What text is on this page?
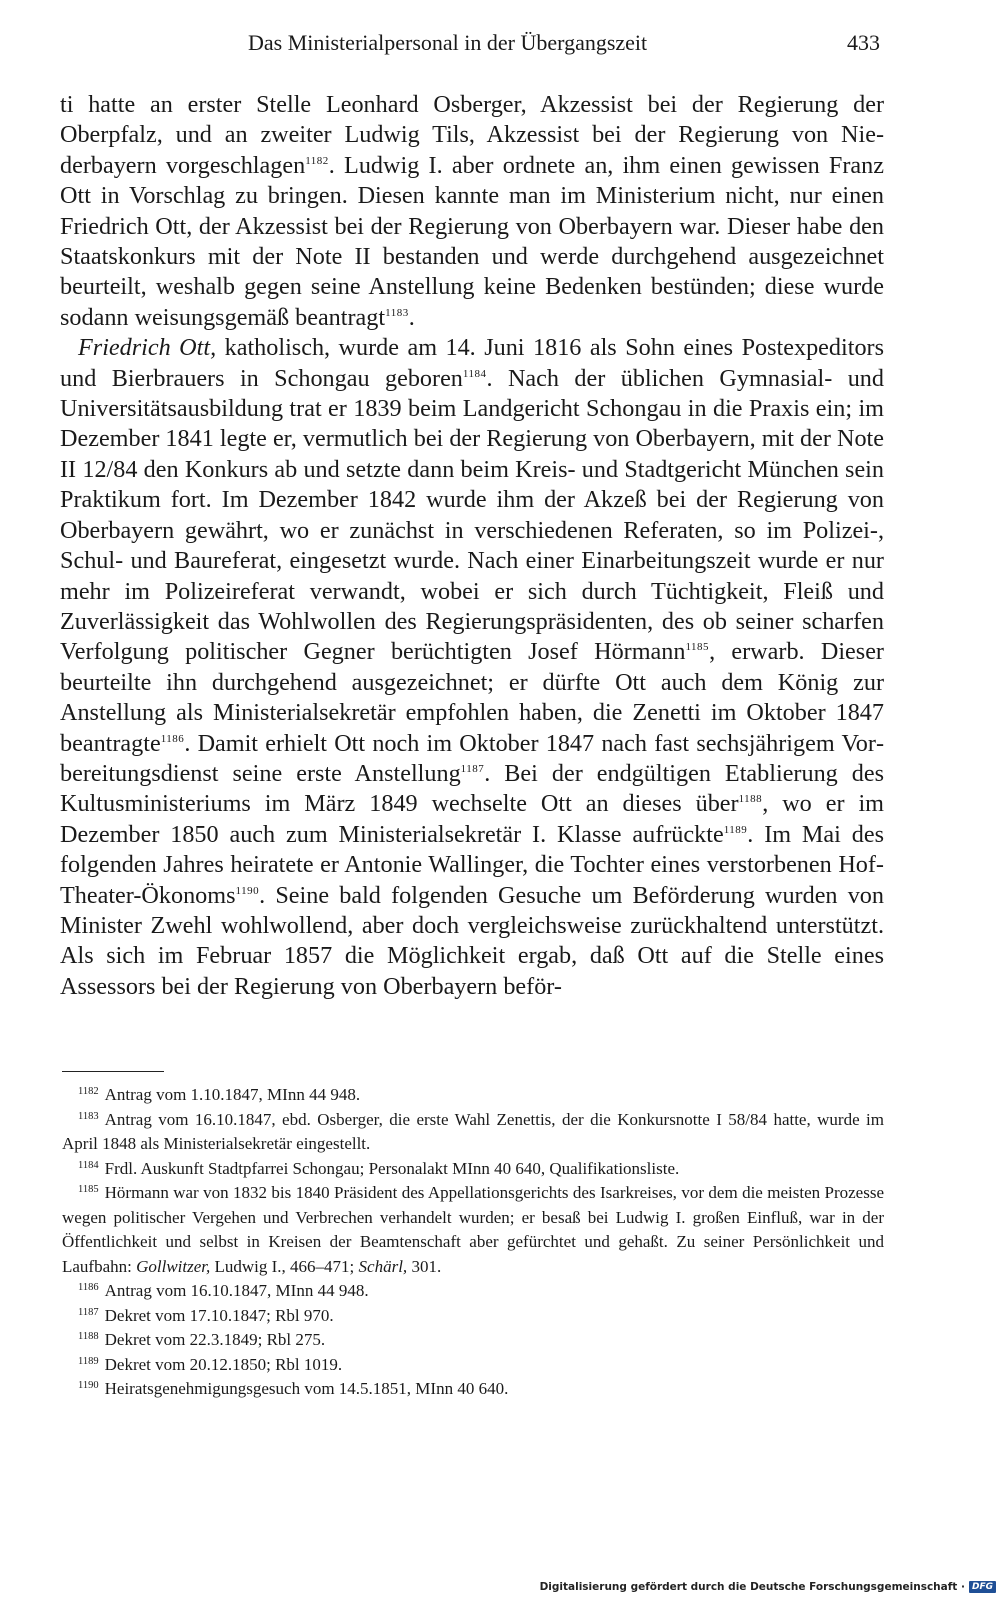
Das Ministerialpersonal in der Übergangszeit	433

ti hatte an erster Stelle Leonhard Osberger, Akzessist bei der Regierung der Oberpfalz, und an zweiter Ludwig Tils, Akzessist bei der Regierung von Niederbayern vorgeschlagen$^{1182}$. Ludwig I. aber ordnete an, ihm einen gewissen Franz Ott in Vorschlag zu bringen. Diesen kannte man im Ministerium nicht, nur einen Friedrich Ott, der Akzessist bei der Regierung von Oberbayern war. Dieser habe den Staatskonkurs mit der Note II bestanden und werde durchgehend ausgezeichnet beurteilt, weshalb gegen seine Anstellung keine Bedenken bestünden; diese wurde sodann weisungsgemäß beantragt$^{1183}$.

Friedrich Ott, katholisch, wurde am 14. Juni 1816 als Sohn eines Postexpeditors und Bierbrauers in Schongau geboren$^{1184}$. Nach der üblichen Gymnasial- und Universitätsausbildung trat er 1839 beim Landgericht Schongau in die Praxis ein; im Dezember 1841 legte er, vermutlich bei der Regierung von Oberbayern, mit der Note II 12/84 den Konkurs ab und setzte dann beim Kreis- und Stadtgericht München sein Praktikum fort. Im Dezember 1842 wurde ihm der Akzeß bei der Regierung von Oberbayern gewährt, wo er zunächst in verschiedenen Referaten, so im Polizei-, Schul- und Baureferat, eingesetzt wurde. Nach einer Einarbeitungszeit wurde er nur mehr im Polizeireferat verwandt, wobei er sich durch Tüchtigkeit, Fleiß und Zuverlässigkeit das Wohlwollen des Regierungspräsidenten, des ob seiner scharfen Verfolgung politischer Gegner berüchtigten Josef Hörmann$^{1185}$, erwarb. Dieser beurteilte ihn durchgehend ausgezeichnet; er dürfte Ott auch dem König zur Anstellung als Ministerialsekretär empfohlen haben, die Zenetti im Oktober 1847 beantragte$^{1186}$. Damit erhielt Ott noch im Oktober 1847 nach fast sechsjährigem Vorbereitungsdienst seine erste Anstellung$^{1187}$. Bei der endgültigen Etablierung des Kultusministeriums im März 1849 wechselte Ott an dieses über$^{1188}$, wo er im Dezember 1850 auch zum Ministerialsekretär I. Klasse aufrückte$^{1189}$. Im Mai des folgenden Jahres heiratete er Antonie Wallinger, die Tochter eines verstorbenen Hof-Theater-Ökonoms$^{1190}$. Seine bald folgenden Gesuche um Beförderung wurden von Minister Zwehl wohlwollend, aber doch vergleichsweise zurückhaltend unterstützt. Als sich im Februar 1857 die Möglichkeit ergab, daß Ott auf die Stelle eines Assessors bei der Regierung von Oberbayern beför-

$^{1182}$ Antrag vom 1.10.1847, MInn 44 948.

$^{1183}$ Antrag vom 16.10.1847, ebd. Osberger, die erste Wahl Zenettis, der die Konkursnotte I 58/84 hatte, wurde im April 1848 als Ministerialsekretär eingestellt.

$^{1184}$ Frdl. Auskunft Stadtpfarrei Schongau; Personalakt MInn 40 640, Qualifikationsliste.

$^{1185}$ Hörmann war von 1832 bis 1840 Präsident des Appellationsgerichts des Isarkreises, vor dem die meisten Prozesse wegen politischer Vergehen und Verbrechen verhandelt wurden; er besaß bei Ludwig I. großen Einfluß, war in der Öffentlichkeit und selbst in Kreisen der Beamtenschaft aber gefürchtet und gehaßt. Zu seiner Persönlichkeit und Laufbahn: Gollwitzer, Ludwig I., 466–471; Schärl, 301.

$^{1186}$ Antrag vom 16.10.1847, MInn 44 948.

$^{1187}$ Dekret vom 17.10.1847; Rbl 970.

$^{1188}$ Dekret vom 22.3.1849; Rbl 275.

$^{1189}$ Dekret vom 20.12.1850; Rbl 1019.

$^{1190}$ Heiratsgenehmigungsgesuch vom 14.5.1851, MInn 40 640.

Digitalisierung gefördert durch die Deutsche Forschungsgemeinschaft · DFG
